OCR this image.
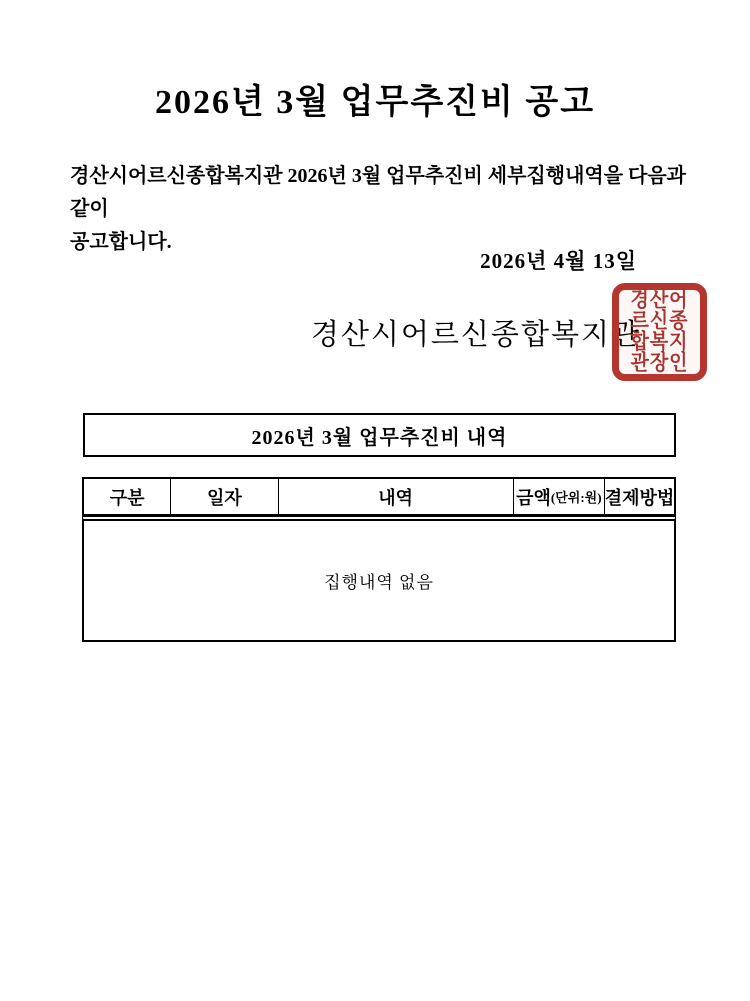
2026년 3월 업무추진비 공고
경산시어르신종합복지관 2026년 3월 업무추진비 세부집행내역을 다음과 같이
공고합니다.
2026년 4월 13일
경산시어르신종합복지관
경산어
르신종
합복지
관장인
2026년 3월 업무추진비 내역
구분	일자	내역	금액 (단위:원) 결제방법
집행내역 없음
